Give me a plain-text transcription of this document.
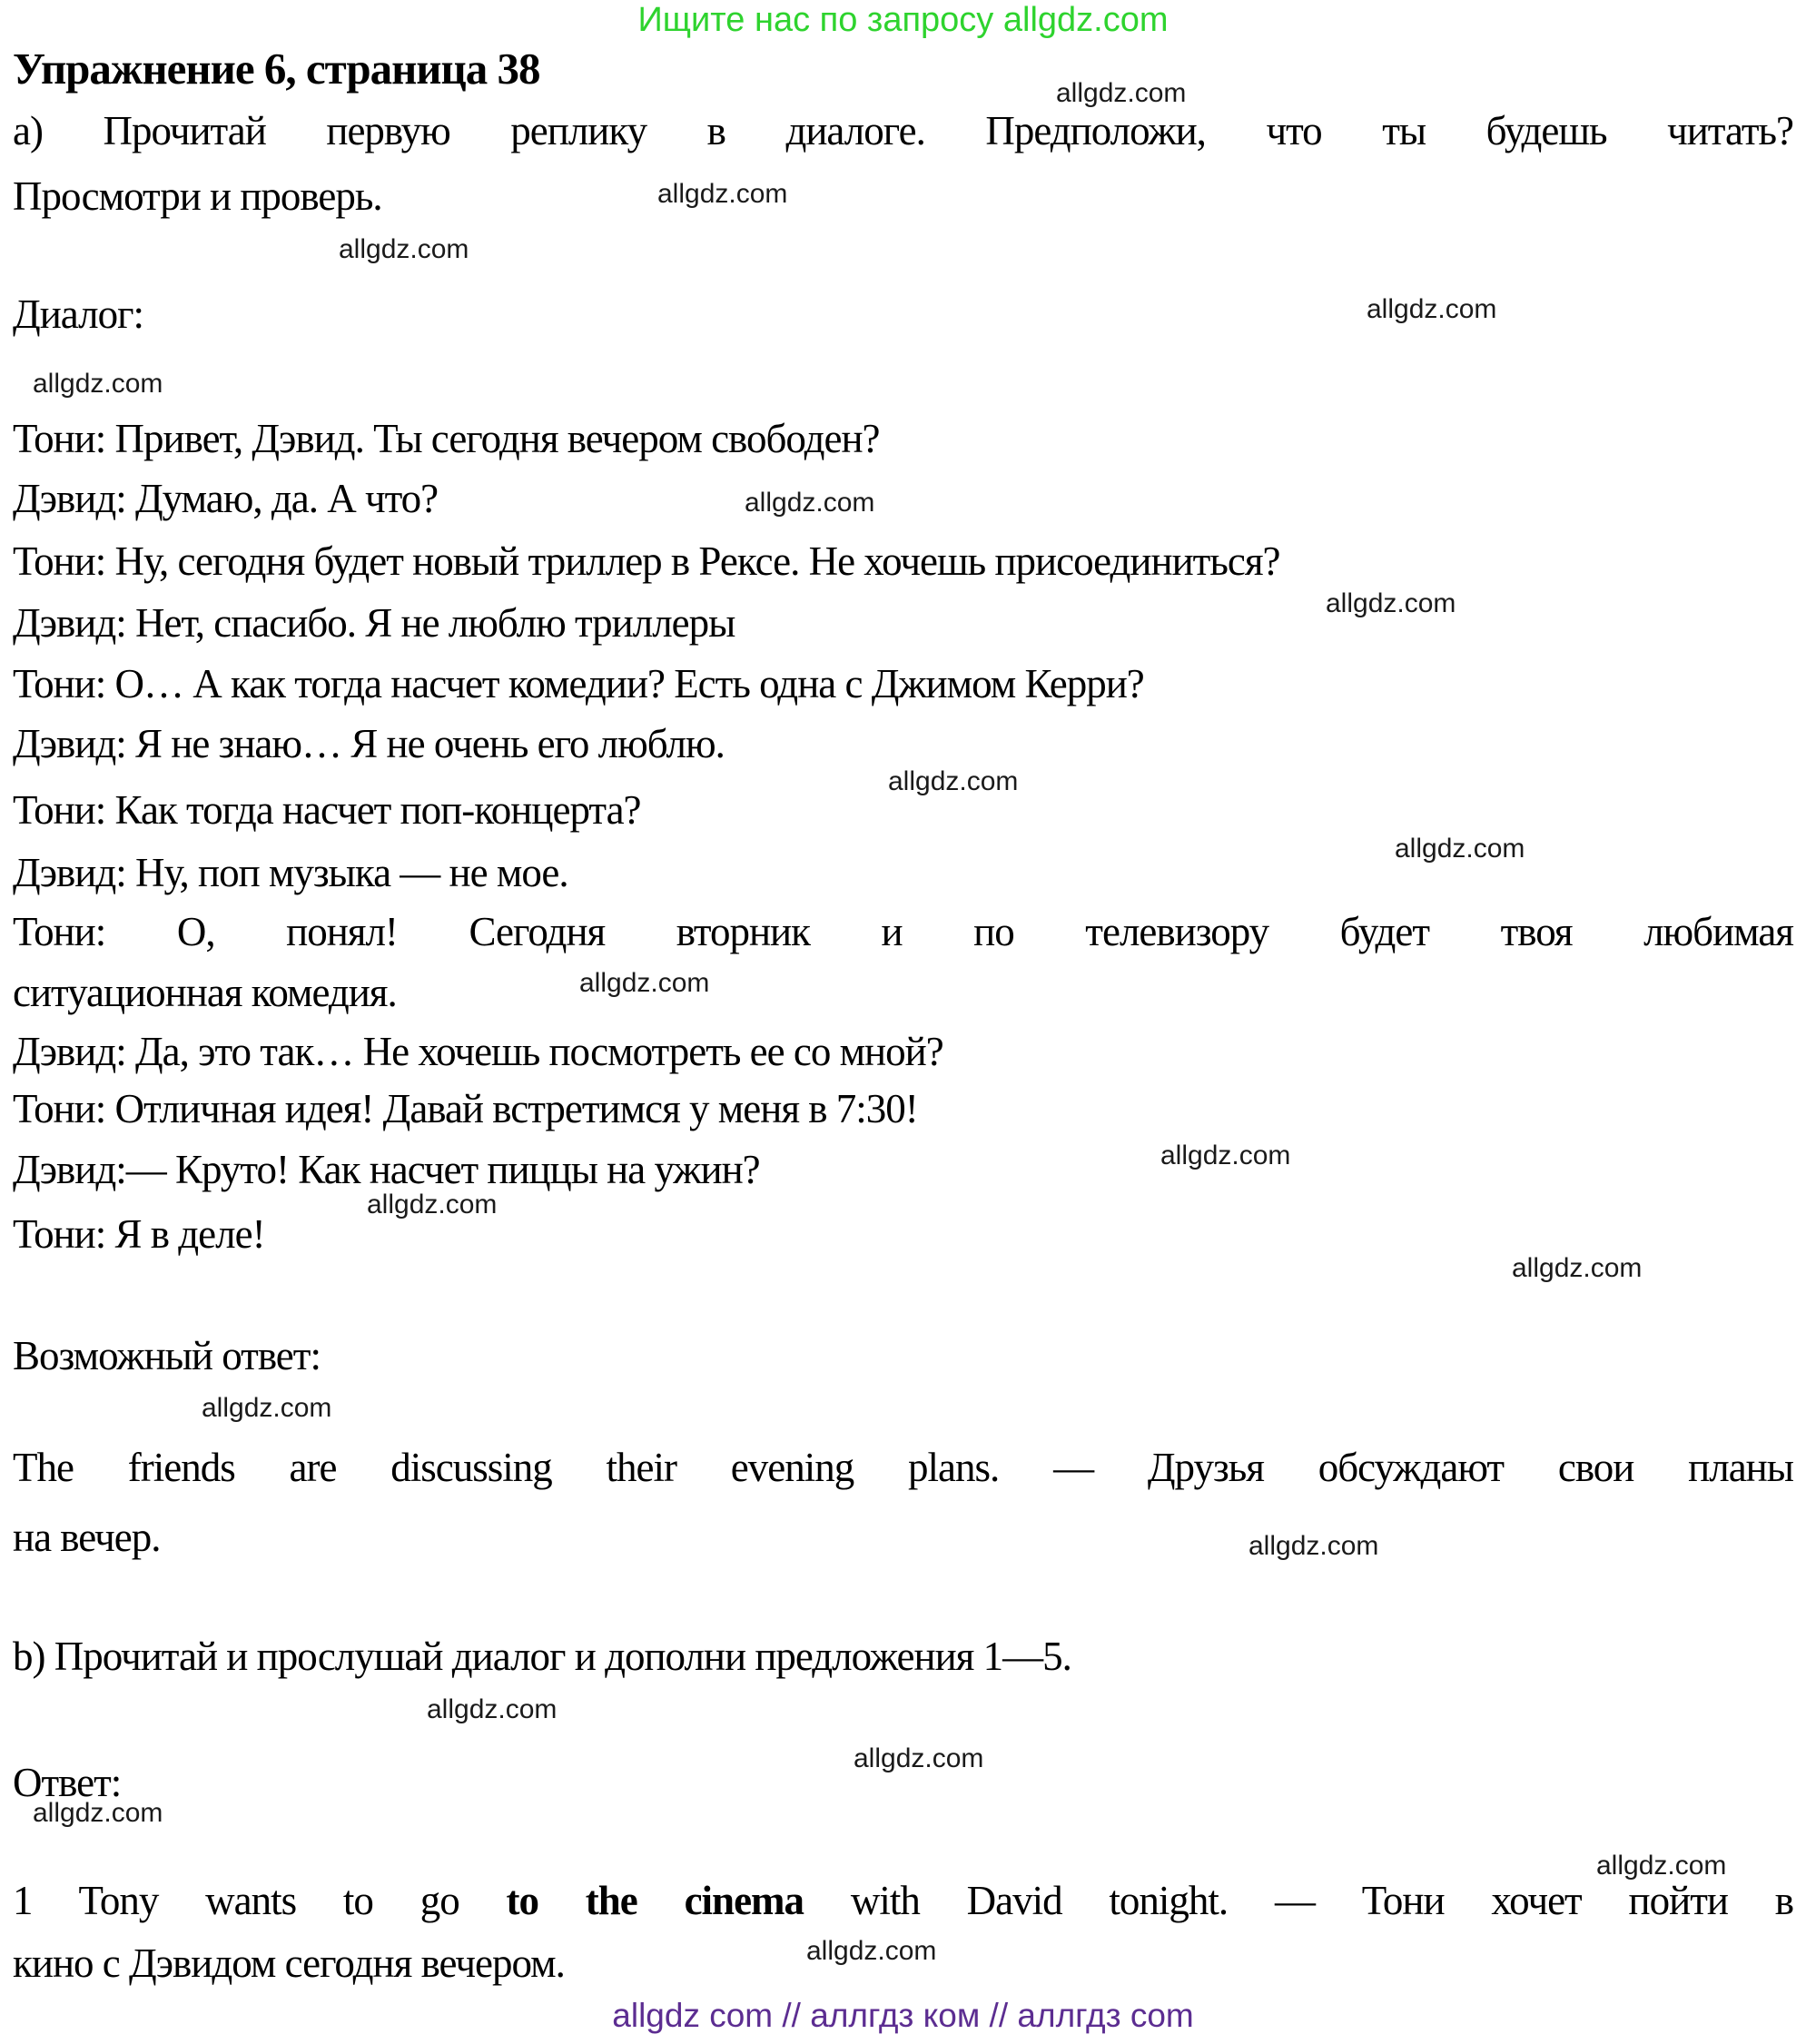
Ищите нас по запросу allgdz.com
Упражнение 6, страница 38	allgdz.com
allgdz.com
allgdz.com
allgdz.com
allgdz.com
allgdz.com
allgdz.com
allgdz.com
allgdz.com
allgdz.com
allgdz.com
allgdz.com
allgdz.com
allgdz.com
allgdz.com
allgdz.com
allgdz.com
allgdz.com
allgdz.com
allgdz.com
а) Прочитай первую реплику в диалоге. Предположи, что ты будешь читать?
Просмотри и проверь.
Диалог:
Тони: Привет, Дэвид. Ты сегодня вечером свободен?
Дэвид: Думаю, да. А что?
Тони: Ну, сегодня будет новый триллер в Рексе. Не хочешь присоединиться?
Дэвид: Нет, спасибо. Я не люблю триллеры
Тони: О… А как тогда насчет комедии? Есть одна с Джимом Керри?
Дэвид: Я не знаю… Я не очень его люблю.
Тони: Как тогда насчет поп-концерта?
Дэвид: Ну, поп музыка — не мое.
Тони: О, понял! Сегодня вторник и по телевизору будет твоя любимая
ситуационная комедия.
Дэвид: Да, это так… Не хочешь посмотреть ее со мной?
Тони: Отличная идея! Давай встретимся у меня в 7:30!
Дэвид:— Круто! Как насчет пиццы на ужин?
Тони: Я в деле!
Возможный ответ:
The friends are discussing their evening plans. — Друзья обсуждают свои планы
на вечер.
b) Прочитай и прослушай диалог и дополни предложения 1—5.
Ответ:
1 Tony wants to go to the cinema with David tonight. — Тони хочет пойти в
кино с Дэвидом сегодня вечером.
allgdz com // аллгдз ком // аллгдз com
